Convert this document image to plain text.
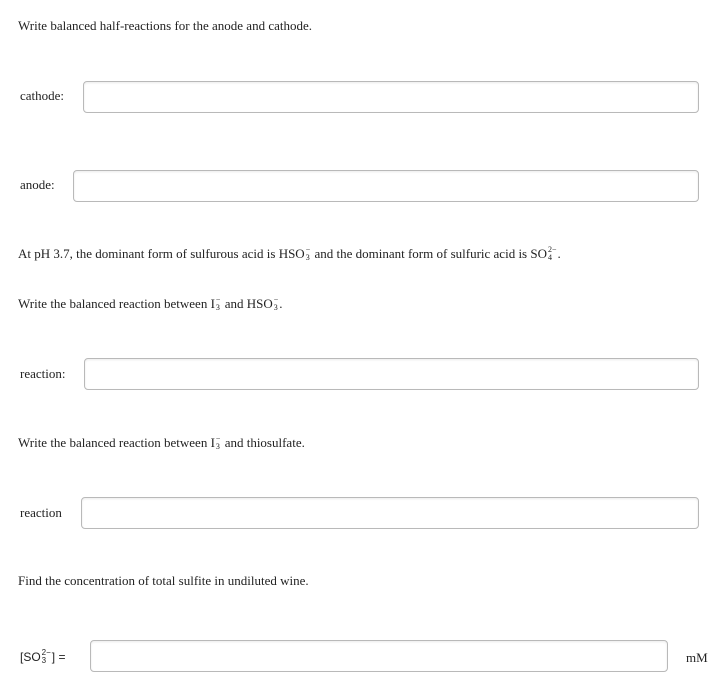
Write balanced half-reactions for the anode and cathode.
cathode:
anode:
At pH 3.7, the dominant form of sulfurous acid is HSO −
3 and the dominant form of sulfuric acid is SO 2−
4 .
Write the balanced reaction between I −
3 and HSO −
3 .
reaction:
Write the balanced reaction between I −
3 and thiosulfate.
reaction
Find the concentration of total sulfite in undiluted wine.
[SO 2−
3 ] =	mM
